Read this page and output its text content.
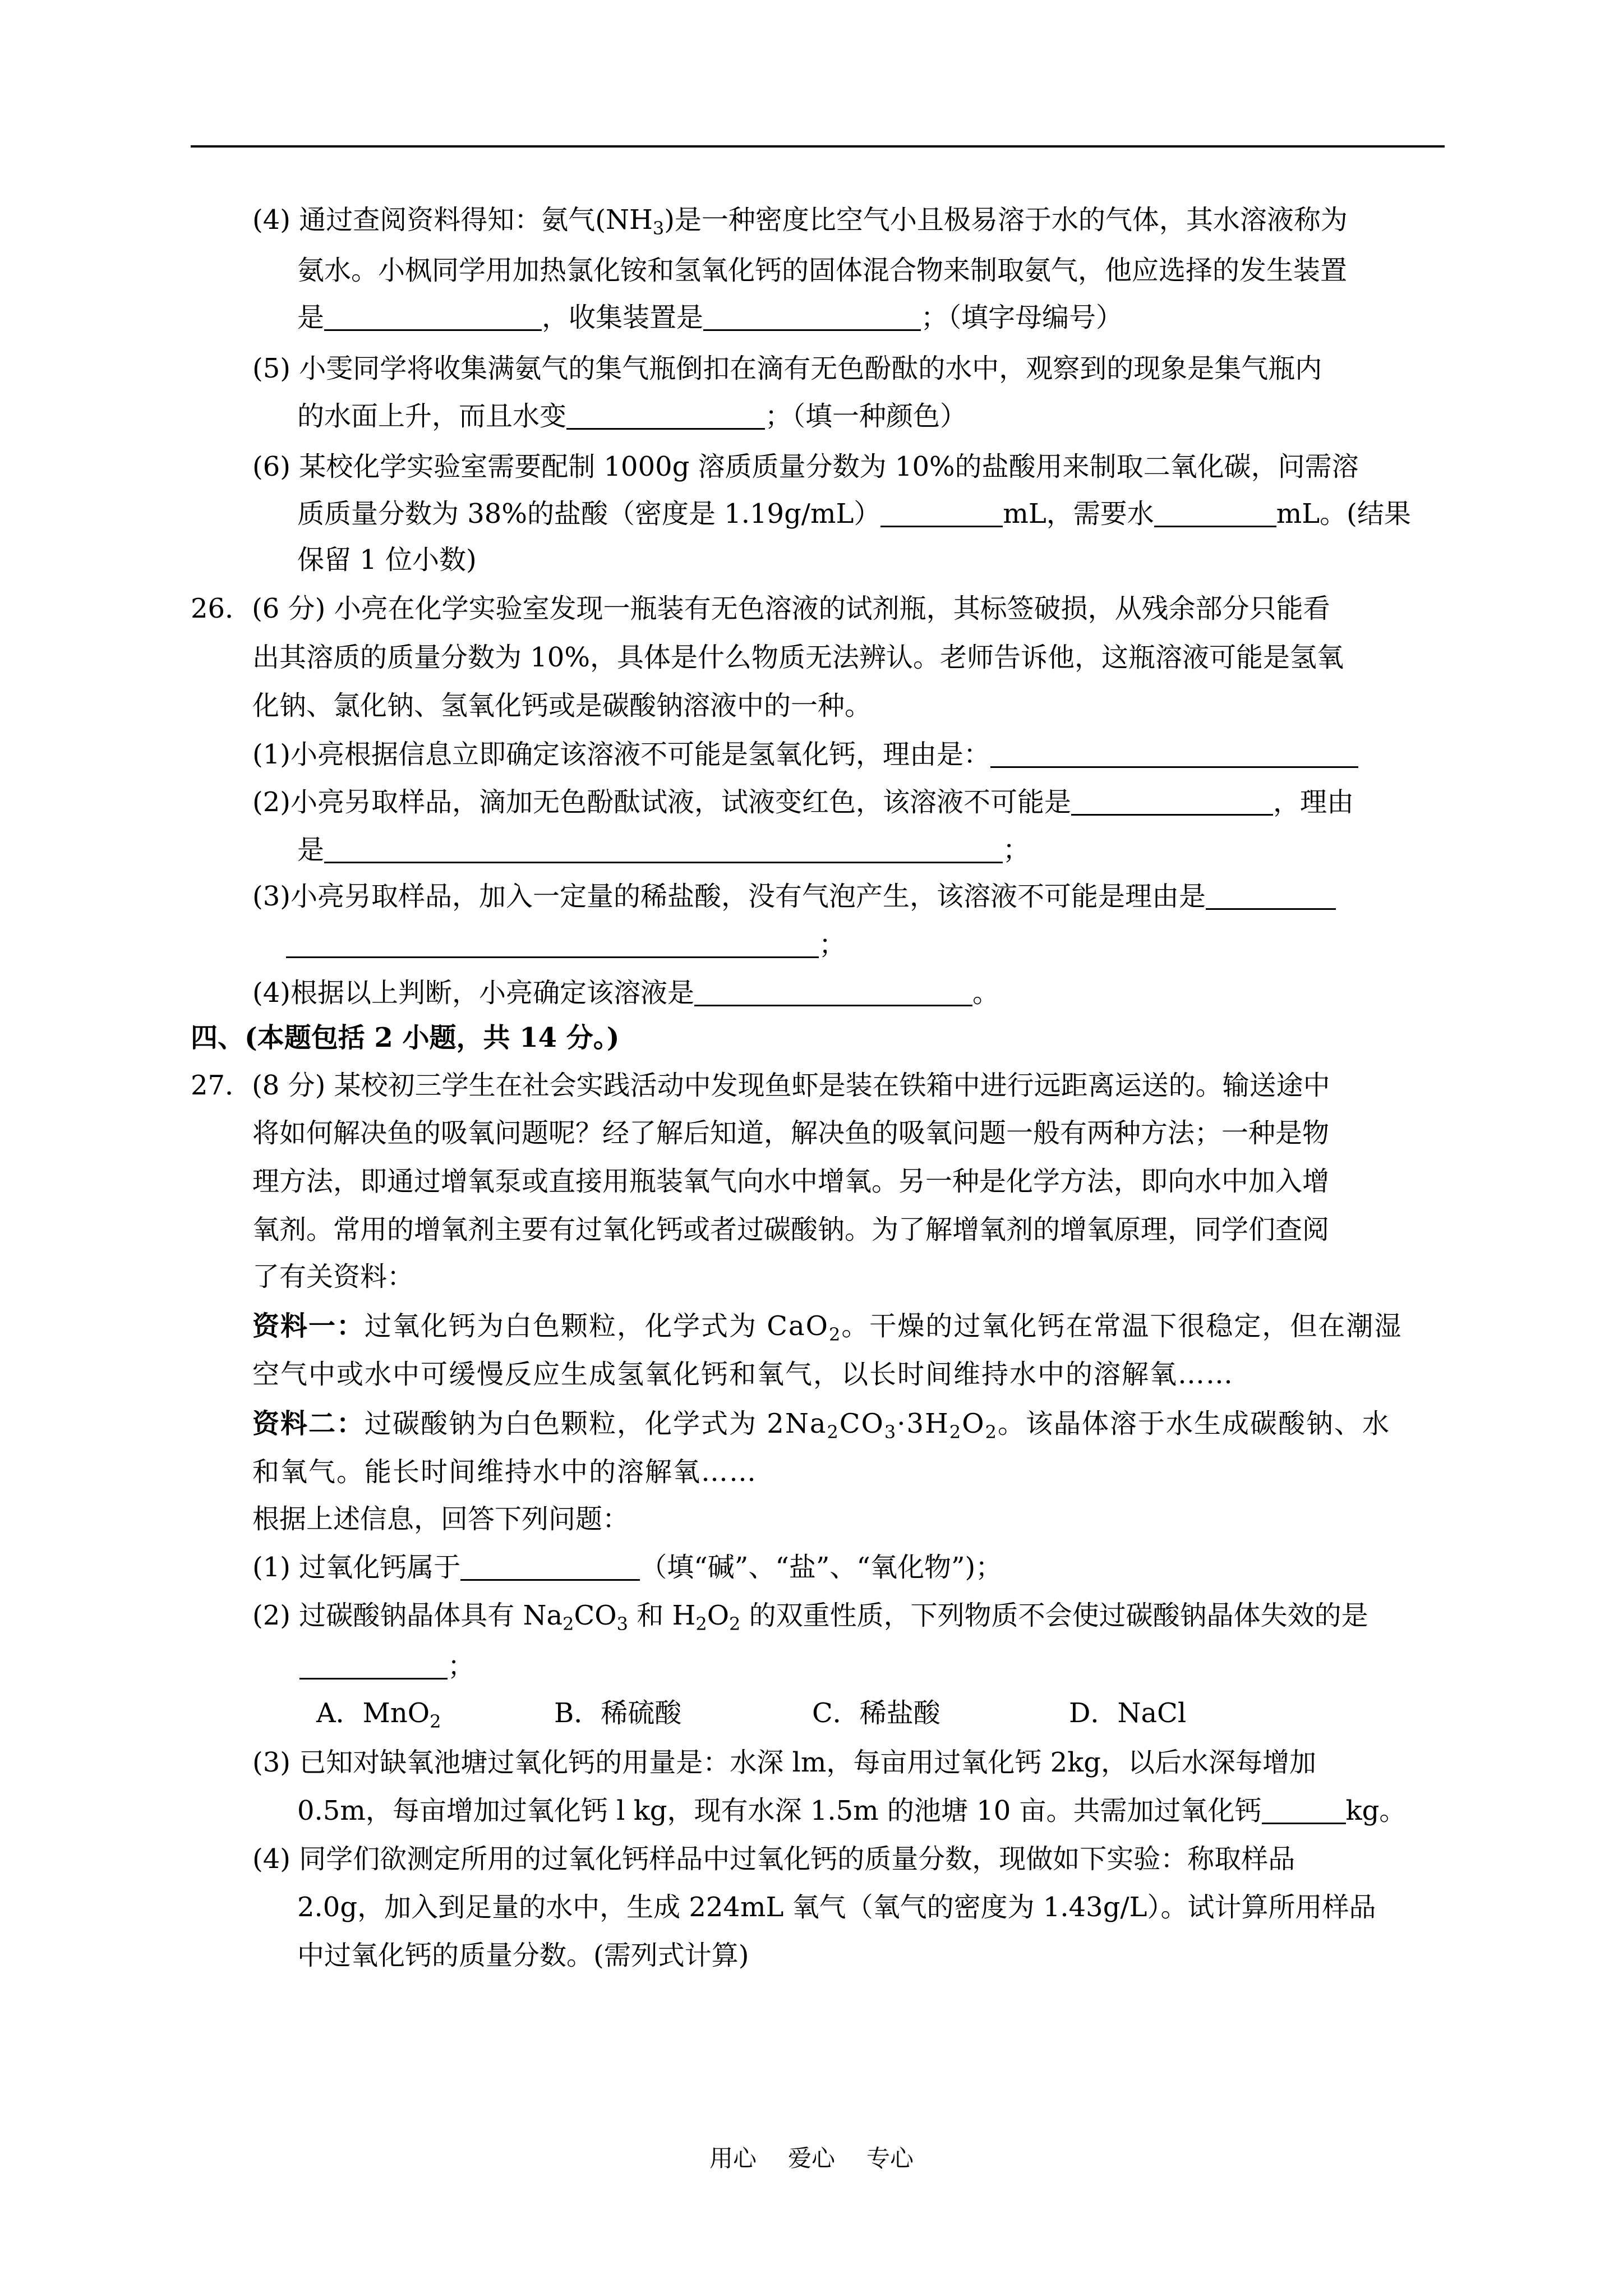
(4) 通过查阅资料得知：氨气$(NH_3)$是一种密度比空气小且极易溶于水的气体，其水溶液称为
氨水。小枫同学用加热氯化铵和氢氧化钙的固体混合物来制取氨气，他应选择的发生装置
是	，收集装置是	；（填字母编号）
(5) 小雯同学将收集满氨气的集气瓶倒扣在滴有无色酚酞的水中，观察到的现象是集气瓶内
的水面上升，而且水变	；（填一种颜色）
(6) 某校化学实验室需要配制 1000g 溶质质量分数为 10%的盐酸用来制取二氧化碳，问需溶
质质量分数为 38%的盐酸（密度是 1.19g/mL）	mL，需要水	mL。(结果
保留 1 位小数)
26．(6 分) 小亮在化学实验室发现一瓶装有无色溶液的试剂瓶，其标签破损，从残余部分只能看
出其溶质的质量分数为 10%，具体是什么物质无法辨认。老师告诉他，这瓶溶液可能是氢氧
化钠、氯化钠、氢氧化钙或是碳酸钠溶液中的一种。
(1)小亮根据信息立即确定该溶液不可能是氢氧化钙，理由是：
(2)小亮另取样品，滴加无色酚酞试液，试液变红色，该溶液不可能是	，理由
是	；
(3)小亮另取样品，加入一定量的稀盐酸，没有气泡产生，该溶液不可能是理由是
；
(4)根据以上判断，小亮确定该溶液是	。
四、(本题包括 2 小题，共 14 分。)
27．(8 分) 某校初三学生在社会实践活动中发现鱼虾是装在铁箱中进行远距离运送的。输送途中
将如何解决鱼的吸氧问题呢？经了解后知道，解决鱼的吸氧问题一般有两种方法；一种是物
理方法，即通过增氧泵或直接用瓶装氧气向水中增氧。另一种是化学方法，即向水中加入增
氧剂。常用的增氧剂主要有过氧化钙或者过碳酸钠。为了解增氧剂的增氧原理，同学们查阅
了有关资料：
资料一：过氧化钙为白色颗粒，化学式为 CaO$_2$。干燥的过氧化钙在常温下很稳定，但在潮湿
空气中或水中可缓慢反应生成氢氧化钙和氧气，以长时间维持水中的溶解氧……
资料二：过碳酸钠为白色颗粒，化学式为 $2Na_2CO_3\cdot 3H_2O_2$。该晶体溶于水生成碳酸钠、水
和氧气。能长时间维持水中的溶解氧……
根据上述信息，回答下列问题：
(1) 过氧化钙属于	（填“碱”、“盐”、“氧化物”)；
(2) 过碳酸钠晶体具有 $Na_2CO_3$ 和 $H_2O_2$ 的双重性质，下列物质不会使过碳酸钠晶体失效的是
；
A．MnO$_2$	B．稀硫酸	C．稀盐酸	D．NaCl
(3) 已知对缺氧池塘过氧化钙的用量是：水深 lm，每亩用过氧化钙 2kg，以后水深每增加
0.5m，每亩增加过氧化钙 l kg，现有水深 1.5m 的池塘 10 亩。共需加过氧化钙	kg。
(4) 同学们欲测定所用的过氧化钙样品中过氧化钙的质量分数，现做如下实验：称取样品
2.0g，加入到足量的水中，生成 224mL 氧气（氧气的密度为 1.43g/L）。试计算所用样品
中过氧化钙的质量分数。(需列式计算)
用心 爱心 专心
